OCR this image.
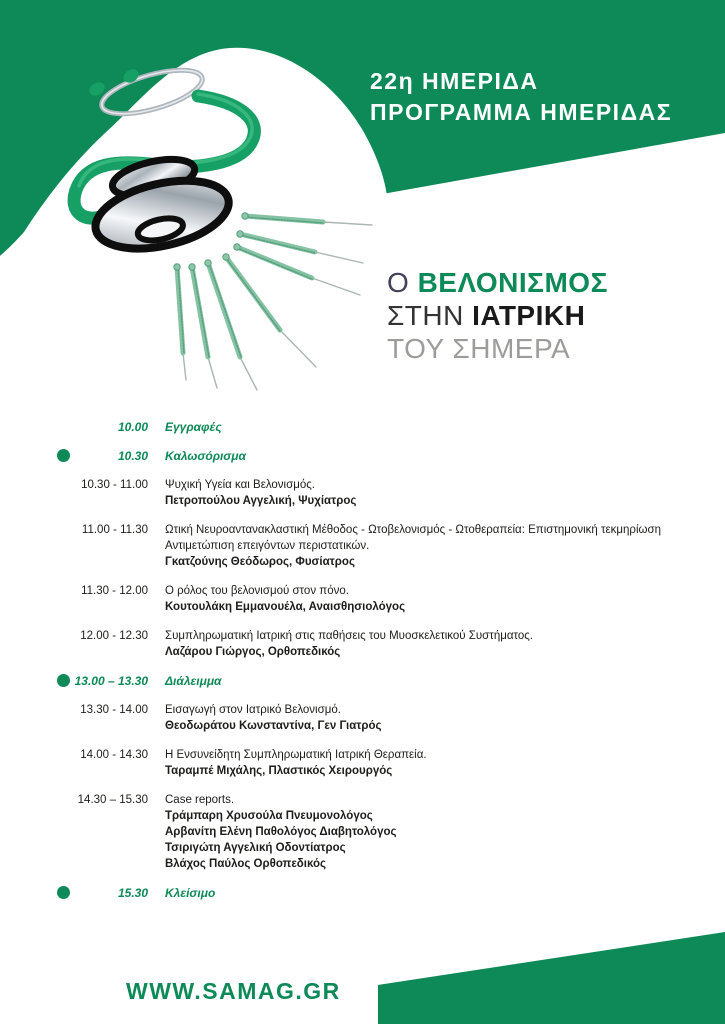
22η ΗΜΕΡΙΔΑ
ΠΡΟΓΡΑΜΜΑ ΗΜΕΡΙΔΑΣ
Ο ΒΕΛΟΝΙΣΜΟΣ
ΣΤΗΝ ΙΑΤΡΙΚΗ
ΤΟΥ ΣΗΜΕΡΑ
10.00 Εγγραφές
10.30 Καλωσόρισμα
10.30 - 11.00 Ψυχική Υγεία και Βελονισμός.
Πετροπούλου Αγγελική, Ψυχίατρος
11.00 - 11.30 Ωτική Νευροαντανακλαστική Μέθοδος - Ωτοβελονισμός - Ωτοθεραπεία: Επιστημονική τεκμηρίωση
Αντιμετώπιση επειγόντων περιστατικών.
Γκατζούνης Θεόδωρος, Φυσίατρος
11.30 - 12.00 Ο ρόλος του βελονισμού στον πόνο.
Κουτουλάκη Εμμανουέλα, Αναισθησιολόγος
12.00 - 12.30 Συμπληρωματική Ιατρική στις παθήσεις του Μυοσκελετικού Συστήματος.
Λαζάρου Γιώργος, Ορθοπεδικός
13.00 – 13.30 Διάλειμμα
13.30 - 14.00 Εισαγωγή στον Ιατρικό Βελονισμό.
Θεοδωράτου Κωνσταντίνα, Γεν Γιατρός
14.00 - 14.30 Η Ενσυνείδητη Συμπληρωματική Ιατρική Θεραπεία.
Ταραμπέ Μιχάλης, Πλαστικός Χειρουργός
14.30 – 15.30 Case reports.
Τράμπαρη Χρυσούλα Πνευμονολόγος
Αρβανίτη Ελένη Παθολόγος Διαβητολόγος
Τσιριγώτη Αγγελική Οδοντίατρος
Βλάχος Παύλος Ορθοπεδικός
15.30 Κλείσιμο
WWW.SAMAG.GR
